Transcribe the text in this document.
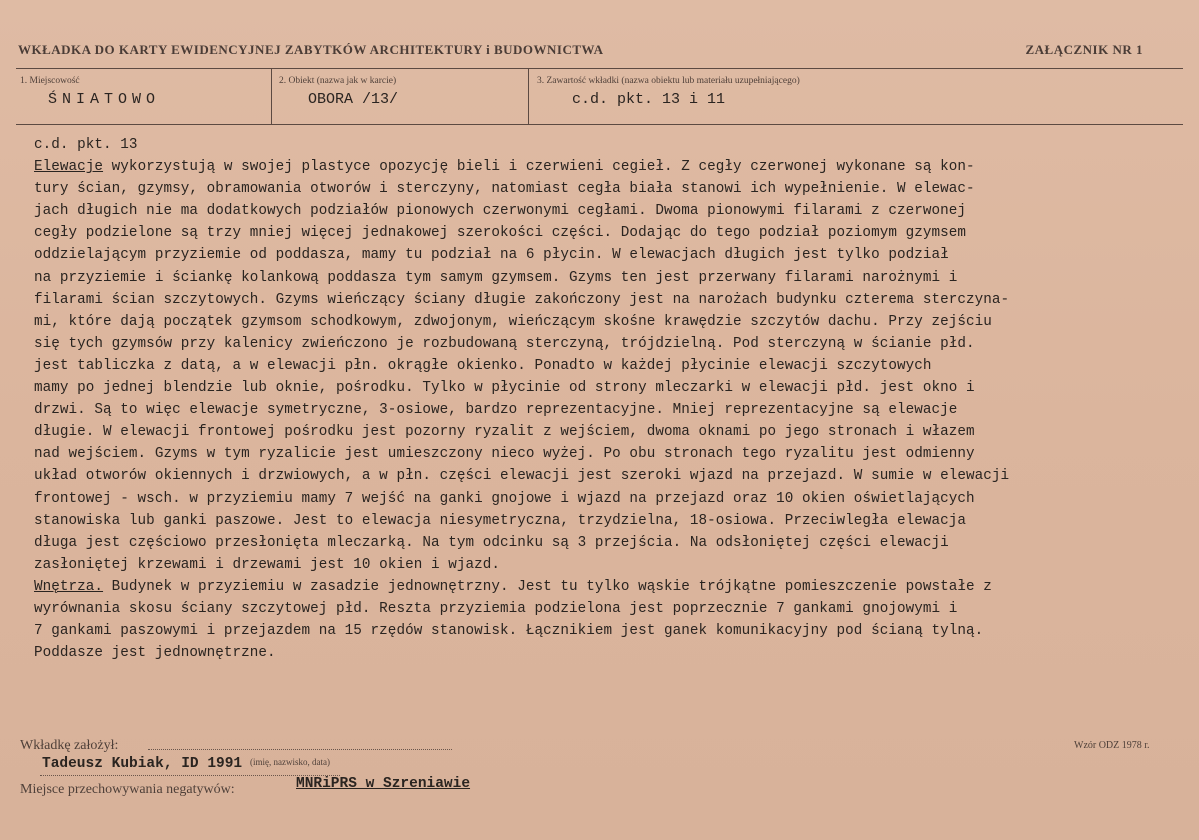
WKŁADKA DO KARTY EWIDENCYJNEJ ZABYTKÓW ARCHITEKTURY i BUDOWNICTWA	ZAŁĄCZNIK NR 1
1. Miejscowość
ŚNIATOWO
2. Obiekt (nazwa jak w karcie)
OBORA /13/
3. Zawartość wkładki (nazwa obiektu lub materiału uzupełniającego)
c.d. pkt. 13 i 11
c.d. pkt. 13
Elewacje wykorzystują w swojej plastyce opozycję bieli i czerwieni cegieł. Z cegły czerwonej wykonane są kon-
tury ścian, gzymsy, obramowania otworów i sterczyny, natomiast cegła biała stanowi ich wypełnienie. W elewac-
jach długich nie ma dodatkowych podziałów pionowych czerwonymi cegłami. Dwoma pionowymi filarami z czerwonej
cegły podzielone są trzy mniej więcej jednakowej szerokości części. Dodając do tego podział poziomym gzymsem
oddzielającym przyziemie od poddasza, mamy tu podział na 6 płycin. W elewacjach długich jest tylko podział
na przyziemie i ściankę kolankową poddasza tym samym gzymsem. Gzyms ten jest przerwany filarami narożnymi i
filarami ścian szczytowych. Gzyms wieńczący ściany długie zakończony jest na narożach budynku czterema sterczyna-
mi, które dają początek gzymsom schodkowym, zdwojonym, wieńczącym skośne krawędzie szczytów dachu. Przy zejściu
się tych gzymsów przy kalenicy zwieńczono je rozbudowaną sterczyną, trójdzielną. Pod sterczyną w ścianie płd.
jest tabliczka z datą, a w elewacji płn. okrągłe okienko. Ponadto w każdej płycinie elewacji szczytowych
mamy po jednej blendzie lub oknie, pośrodku. Tylko w płycinie od strony mleczarki w elewacji płd. jest okno i
drzwi. Są to więc elewacje symetryczne, 3-osiowe, bardzo reprezentacyjne. Mniej reprezentacyjne są elewacje
długie. W elewacji frontowej pośrodku jest pozorny ryzalit z wejściem, dwoma oknami po jego stronach i włazem
nad wejściem. Gzyms w tym ryzalicie jest umieszczony nieco wyżej. Po obu stronach tego ryzalitu jest odmienny
układ otworów okiennych i drzwiowych, a w płn. części elewacji jest szeroki wjazd na przejazd. W sumie w elewacji
frontowej - wsch. w przyziemiu mamy 7 wejść na ganki gnojowe i wjazd na przejazd oraz 10 okien oświetlających
stanowiska lub ganki paszowe. Jest to elewacja niesymetryczna, trzydzielna, 18-osiowa. Przeciwległa elewacja
długa jest częściowo przesłonięta mleczarką. Na tym odcinku są 3 przejścia. Na odsłoniętej części elewacji
zasłoniętej krzewami i drzewami jest 10 okien i wjazd.
Wnętrza. Budynek w przyziemiu w zasadzie jednownętrzny. Jest tu tylko wąskie trójkątne pomieszczenie powstałe z
wyrównania skosu ściany szczytowej płd. Reszta przyziemia podzielona jest poprzecznie 7 gankami gnojowymi i
7 gankami paszowymi i przejazdem na 15 rzędów stanowisk. Łącznikiem jest ganek komunikacyjny pod ścianą tylną.
Poddasze jest jednownętrzne.
Wkładkę założył:
Tadeusz Kubiak, ID 1991 (imię, nazwisko, data)
Wzór ODZ 1978 r.
Miejsce przechowywania negatywów:	MNRiPRS w Szreniawie
